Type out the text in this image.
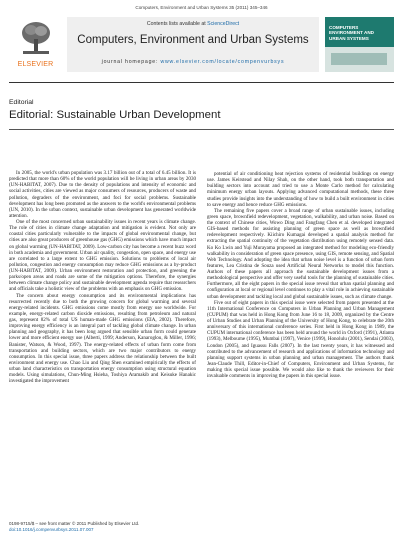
Computers, Environment and Urban Systems 35 (2011) 345–346
ELSEVIER
Contents lists available at ScienceDirect
Computers, Environment and Urban Systems
journal homepage: www.elsevier.com/locate/compenvurbsys
COMPUTERS ENVIRONMENT AND URBAN SYSTEMS
Editorial
Editorial: Sustainable Urban Development

In 2005, the world's urban population was 3.17 billion out of a total of 6.45 billion. It is predicted that more than 60% of the world population will be living in urban areas by 2030 (UN-HABITAT, 2007). Due to the density of populations and intensity of economic and social activities, cities are viewed as major consumers of resources, producers of waste and pollution, degraders of the environment, and foci for social problems. Sustainable development has long been promoted as the answers to the world's environmental problems (UN, 2010). In the urban context, sustainable urban development has generated worldwide attention.

One of the most concerned urban sustainability issues in recent years is climate change. The role of cities in climate change adaptation and mitigation is evident. Not only are coastal cities particularly vulnerable to the impacts of global environmental change, but cities are also great producers of greenhouse gas (GHG) emissions which have much impact on global warming (UN-HABITAT, 2009). Low-carbon city has become a recent buzz word in both academia and government. Urban air quality, congestion, open space, and energy use are correlated to a large extent to GHG emission. Solutions to problems of local air pollution, congestion and energy consumption may reduce GHG emissions as a by-product (UN-HABITAT, 2009). Urban environment restoration and protection, and greening the parks/open areas and roads are some of the mitigation options. Therefore, the synergies between climate change policy and sustainable development agenda require that researchers and officials take a holistic view of the problems with an emphasis on GHG emission.

The concern about energy consumption and its environmental implications has resurrected recently due to both the growing concern for global warming and several energy-related incidents. GHG emissions come mostly from energy use worldwide. For example, energy-related carbon dioxide emissions, resulting from petroleum and natural gas, represent 82% of total US human-made GHG emissions (EIA, 2002). Therefore, improving energy efficiency is an integral part of tackling global climate change. In urban planning and geography, it has been long argued that sensible urban form could generate lower and more efficient energy use (Alberti, 1999; Anderson, Kanaroglou, & Miller, 1996; Banister, Watson, & Wood, 1997). The energy-related effects of urban form come from transportation and building sectors, which are two major contributors to energy consumption. In this special issue, three papers address the relationship between the built environment and energy use. Chao Liu and Qing Shen examined empirically the effects of urban land characteristics on transportation energy consumption using structural equation models. Using simulations, Chun-Ming Hsieha, Toshiya Aramakib and Keisuke Hanakic investigated the improvement

potential of air conditioning heat rejection systems of residential buildings on energy use. James Keirstead and Nilay Shah, on the other hand, took both transportation and building sectors into account and tried to use a Monte Carlo method for calculating minimum energy urban layouts. Applying advanced computational methods, these three studies provide insights into the understanding of how to build a built environment in cities to save energy and hence reduce GHG emissions.

The remaining five papers cover a broad range of urban sustainable issues, including green space, brownfield redevelopment, vegetation, walkability, and urban noise. Based on the context of Chinese cities, Wowo Ding and Fangfang Chen et al. developed integrated GIS-based methods for assisting planning of green space as well as brownfield redevelopment respectively. Kiichiro Kumagai developed a spatial analysis method for extracting the spatial continuity of the vegetation distribution using remotely sensed data. Ko Ko Lwin and Yuji Murayama proposed an integrated method for modeling eco-friendly walkability in consideration of green space presence, using GIS, remote sensing, and Spatial Web Technology. And adopting the idea that urban noise level is a function of urban form features, Lea Cristina de Souza used Artificial Neural Networks to model this function. Authors of these papers all approach the sustainable development issues from a methodological perspective and offer very useful tools for the planning of sustainable cities. Furthermore, all the eight papers in the special issue reveal that urban spatial planning and configuration at local or regional level continues to play a vital role in achieving sustainable urban development and tackling local and global sustainable issues, such as climate change.

Five out of eight papers in this special issue were selected from papers presented at the 11th International Conference on Computers in Urban Planning and Urban Management (CUPUM) that was held in Hong Kong from June 16 to 18, 2009, organized by the Centre of Urban Studies and Urban Planning of the University of Hong Kong, to celebrate the 20th anniversary of this international conference series. First held in Hong Kong in 1989, the CUPUM international conference has been held around the world in Oxford (1991), Atlanta (1993), Melbourne (1995), Mumbai (1997), Venice (1999), Honolulu (2001), Sendai (2003), London (2005), and Iguassu Falls (2007). In the last twenty years, it has witnessed and contributed to the advancement of research and applications of information technology and planning support systems in urban planning and urban management. The authors thank Jean-Claude Thill, Editor-in-Chief of Computers, Environment and Urban Systems, for making this special issue possible. We would also like to thank the reviewers for their invaluable comments in improving the papers in this special issue.

0198-9715/$ – see front matter © 2011 Published by Elsevier Ltd.
doi:10.1016/j.compenvurbsys.2011.07.007
